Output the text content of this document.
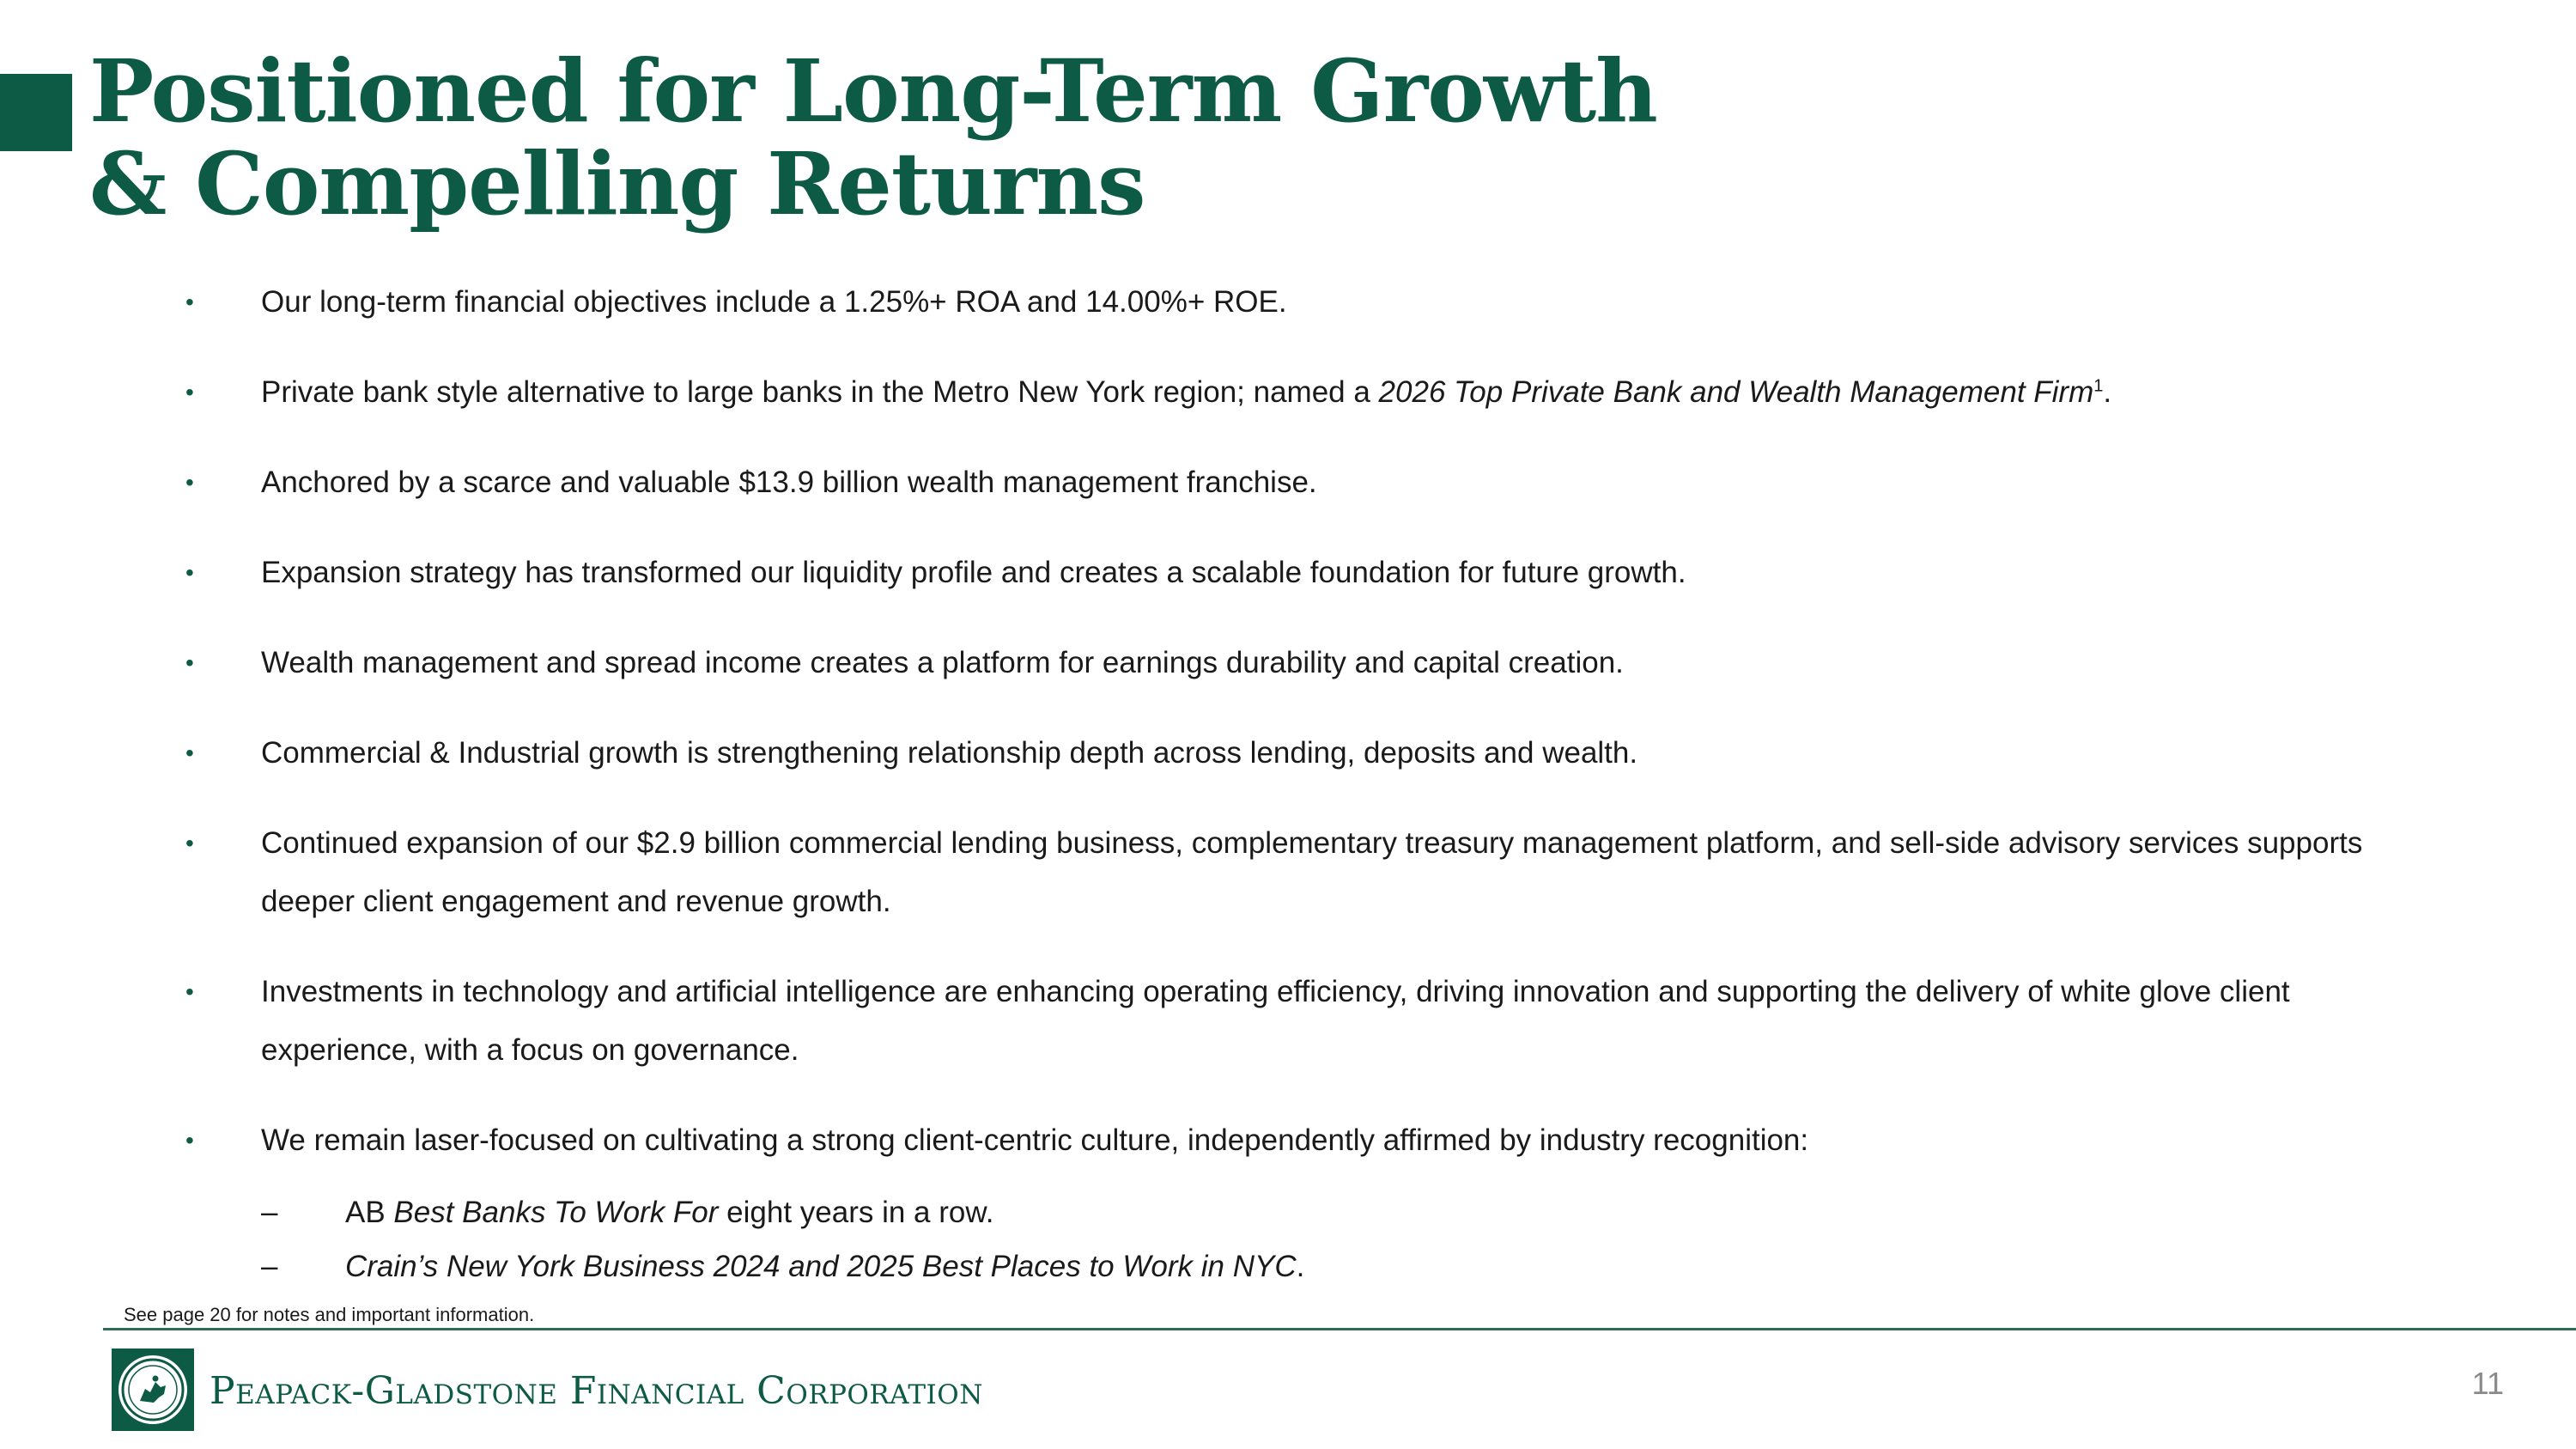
Positioned for Long-Term Growth
& Compelling Returns
• Our long-term financial objectives include a 1.25%+ ROA and 14.00%+ ROE.
• Private bank style alternative to large banks in the Metro New York region; named a 2026 Top Private Bank and Wealth Management Firm$^1$.
• Anchored by a scarce and valuable $13.9 billion wealth management franchise.
• Expansion strategy has transformed our liquidity profile and creates a scalable foundation for future growth.
• Wealth management and spread income creates a platform for earnings durability and capital creation.
• Commercial & Industrial growth is strengthening relationship depth across lending, deposits and wealth.
• Continued expansion of our $2.9 billion commercial lending business, complementary treasury management platform, and sell-side advisory services supports deeper client engagement and revenue growth.
• Investments in technology and artificial intelligence are enhancing operating efficiency, driving innovation and supporting the delivery of white glove client experience, with a focus on governance.
• We remain laser-focused on cultivating a strong client-centric culture, independently affirmed by industry recognition:
– AB Best Banks To Work For eight years in a row.
– Crain’s New York Business 2024 and 2025 Best Places to Work in NYC.
See page 20 for notes and important information.
Peapack-Gladstone Financial Corporation	11
